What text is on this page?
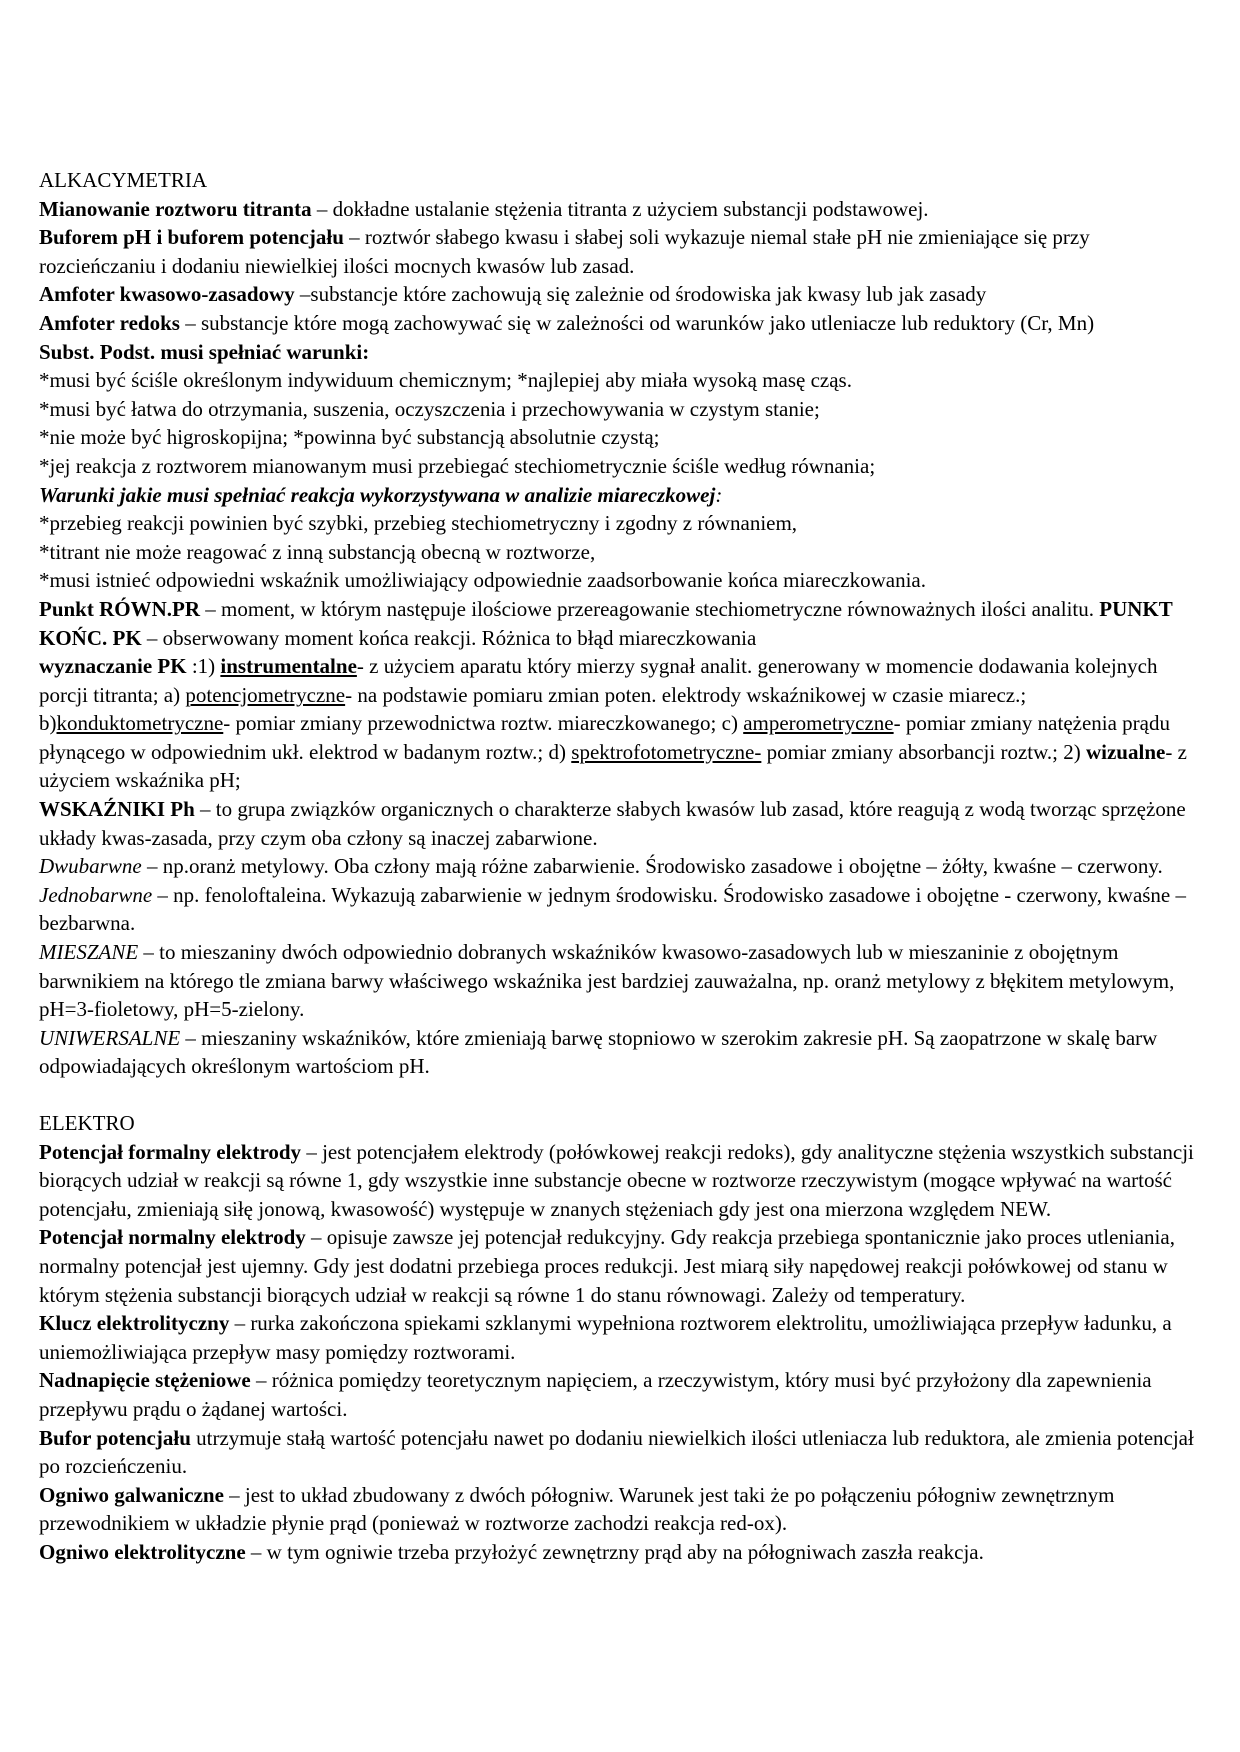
ALKACYMETRIA

Mianowanie roztworu titranta – dokładne ustalanie stężenia titranta z użyciem substancji podstawowej.

Buforem pH i buforem potencjału – roztwór słabego kwasu i słabej soli wykazuje niemal stałe pH nie zmieniające się przy rozcieńczaniu i dodaniu niewielkiej ilości mocnych kwasów lub zasad.

Amfoter kwasowo-zasadowy –substancje które zachowują się zależnie od środowiska jak kwasy lub jak zasady

Amfoter redoks – substancje które mogą zachowywać się w zależności od warunków jako utleniacze lub reduktory (Cr, Mn)

Subst. Podst. musi spełniać warunki:

*musi być ściśle określonym indywiduum chemicznym; *najlepiej aby miała wysoką masę cząs.

*musi być łatwa do otrzymania, suszenia, oczyszczenia i przechowywania w czystym stanie;

*nie może być higroskopijna; *powinna być substancją absolutnie czystą;

*jej reakcja z roztworem mianowanym musi przebiegać stechiometrycznie ściśle według równania;

Warunki jakie musi spełniać reakcja wykorzystywana w analizie miareczkowej:

*przebieg reakcji powinien być szybki, przebieg stechiometryczny i zgodny z równaniem,

*titrant nie może reagować z inną substancją obecną w roztworze,

*musi istnieć odpowiedni wskaźnik umożliwiający odpowiednie zaadsorbowanie końca miareczkowania.

Punkt RÓWN.PR – moment, w którym następuje ilościowe przereagowanie stechiometryczne równoważnych ilości analitu. PUNKT KOŃC. PK – obserwowany moment końca reakcji. Różnica to błąd miareczkowania

wyznaczanie PK :1) instrumentalne- z użyciem aparatu który mierzy sygnał analit. generowany w momencie dodawania kolejnych porcji titranta; a) potencjometryczne- na podstawie pomiaru zmian poten. elektrody wskaźnikowej w czasie miarecz.; b)konduktometryczne- pomiar zmiany przewodnictwa roztw. miareczkowanego; c) amperometryczne- pomiar zmiany natężenia prądu płynącego w odpowiednim ukł. elektrod w badanym roztw.; d) spektrofotometryczne- pomiar zmiany absorbancji roztw.; 2) wizualne- z użyciem wskaźnika pH;

WSKAŹNIKI Ph – to grupa związków organicznych o charakterze słabych kwasów lub zasad, które reagują z wodą tworząc sprzężone układy kwas-zasada, przy czym oba człony są inaczej zabarwione.

Dwubarwne – np.oranż metylowy. Oba człony mają różne zabarwienie. Środowisko zasadowe i obojętne – żółty, kwaśne – czerwony.

Jednobarwne – np. fenoloftaleina. Wykazują zabarwienie w jednym środowisku. Środowisko zasadowe i obojętne - czerwony, kwaśne – bezbarwna.

MIESZANE – to mieszaniny dwóch odpowiednio dobranych wskaźników kwasowo-zasadowych lub w mieszaninie z obojętnym barwnikiem na którego tle zmiana barwy właściwego wskaźnika jest bardziej zauważalna, np. oranż metylowy z błękitem metylowym, pH=3-fioletowy, pH=5-zielony.

UNIWERSALNE – mieszaniny wskaźników, które zmieniają barwę stopniowo w szerokim zakresie pH. Są zaopatrzone w skalę barw odpowiadających określonym wartościom pH.

ELEKTRO

Potencjał formalny elektrody – jest potencjałem elektrody (połówkowej reakcji redoks), gdy analityczne stężenia wszystkich substancji biorących udział w reakcji są równe 1, gdy wszystkie inne substancje obecne w roztworze rzeczywistym (mogące wpływać na wartość potencjału, zmieniają siłę jonową, kwasowość) występuje w znanych stężeniach gdy jest ona mierzona względem NEW.

Potencjał normalny elektrody – opisuje zawsze jej potencjał redukcyjny. Gdy reakcja przebiega spontanicznie jako proces utleniania, normalny potencjał jest ujemny. Gdy jest dodatni przebiega proces redukcji. Jest miarą siły napędowej reakcji połówkowej od stanu w którym stężenia substancji biorących udział w reakcji są równe 1 do stanu równowagi. Zależy od temperatury.

Klucz elektrolityczny – rurka zakończona spiekami szklanymi wypełniona roztworem elektrolitu, umożliwiająca przepływ ładunku, a uniemożliwiająca przepływ masy pomiędzy roztworami.

Nadnapięcie stężeniowe – różnica pomiędzy teoretycznym napięciem, a rzeczywistym, który musi być przyłożony dla zapewnienia przepływu prądu o żądanej wartości.

Bufor potencjału utrzymuje stałą wartość potencjału nawet po dodaniu niewielkich ilości utleniacza lub reduktora, ale zmienia potencjał po rozcieńczeniu.

Ogniwo galwaniczne – jest to układ zbudowany z dwóch półogniw. Warunek jest taki że po połączeniu półogniw zewnętrznym przewodnikiem w układzie płynie prąd (ponieważ w roztworze zachodzi reakcja red-ox).

Ogniwo elektrolityczne – w tym ogniwie trzeba przyłożyć zewnętrzny prąd aby na półogniwach zaszła reakcja.
